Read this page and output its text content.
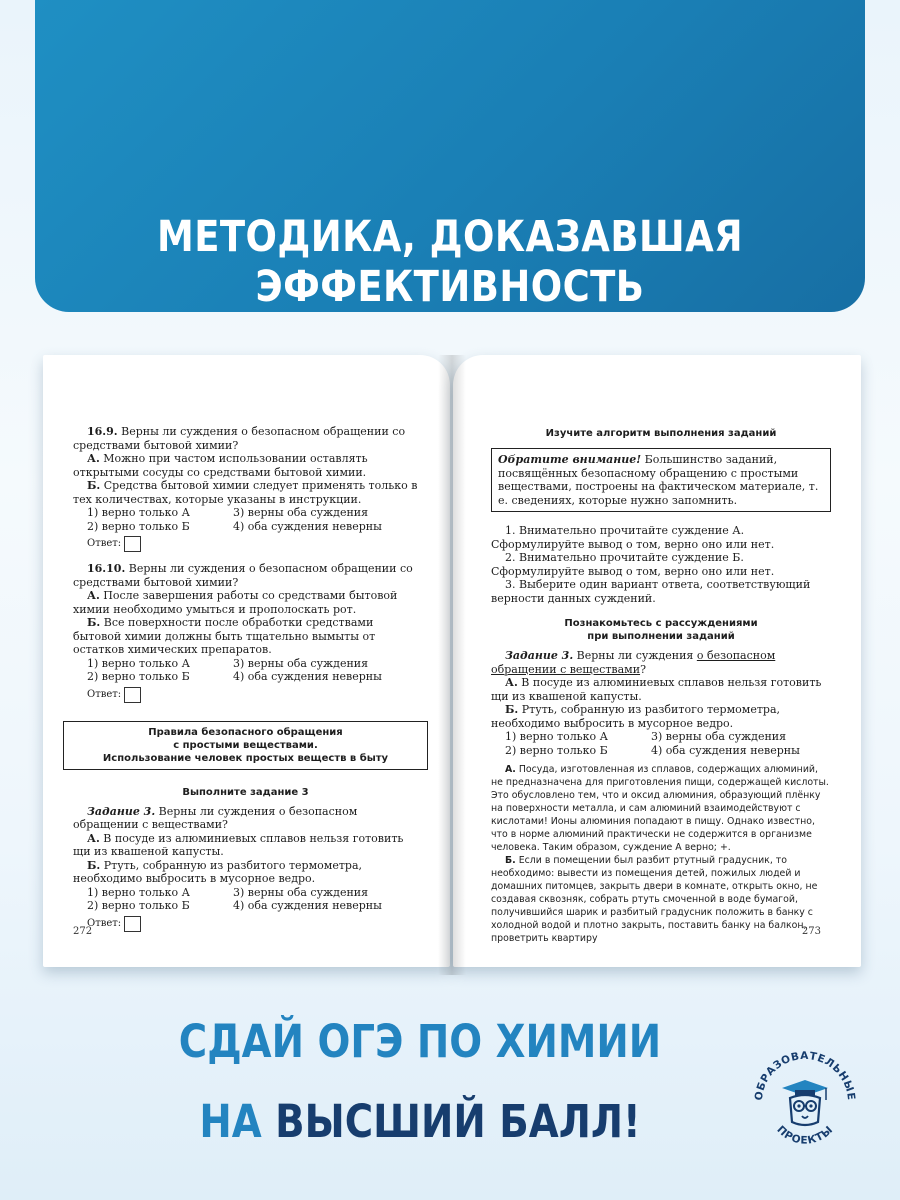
МЕТОДИКА, ДОКАЗАВШАЯ ЭФФЕКТИВНОСТЬ

16.9. Верны ли суждения о безопасном обращении со средствами бытовой химии?

А. Можно при частом использовании оставлять открытыми сосуды со средствами бытовой химии.

Б. Средства бытовой химии следует применять только в тех количествах, которые указаны в инструкции.

1) верно только А	3) верны оба суждения
2) верно только Б	4) оба суждения неверны
Ответ:

16.10. Верны ли суждения о безопасном обращении со средствами бытовой химии?

А. После завершения работы со средствами бытовой химии необходимо умыться и прополоскать рот.

Б. Все поверхности после обработки средствами бытовой химии должны быть тщательно вымыты от остатков химических препаратов.

1) верно только А	3) верны оба суждения
2) верно только Б	4) оба суждения неверны
Ответ:
Правила безопасного обращения
с простыми веществами.
Использование человек простых веществ в быту
Выполните задание 3

Задание 3. Верны ли суждения о безопасном обращении с веществами?

А. В посуде из алюминиевых сплавов нельзя готовить щи из квашеной капусты.

Б. Ртуть, собранную из разбитого термометра, необходимо выбросить в мусорное ведро.

1) верно только А	3) верны оба суждения
2) верно только Б	4) оба суждения неверны
Ответ:
272
Изучите алгоритм выполнения заданий

Обратите внимание! Большинство заданий, посвящённых безопасному обращению с простыми веществами, построены на фактическом материале, т. е. сведениях, которые нужно запомнить.

1. Внимательно прочитайте суждение А. Сформулируйте вывод о том, верно оно или нет.

2. Внимательно прочитайте суждение Б. Сформулируйте вывод о том, верно оно или нет.

3. Выберите один вариант ответа, соответствующий верности данных суждений.

Познакомьтесь с рассуждениями
при выполнении заданий

Задание 3. Верны ли суждения о безопасном обращении с веществами?

А. В посуде из алюминиевых сплавов нельзя готовить щи из квашеной капусты.

Б. Ртуть, собранную из разбитого термометра, необходимо выбросить в мусорное ведро.

1) верно только А	3) верны оба суждения
2) верно только Б	4) оба суждения неверны

А. Посуда, изготовленная из сплавов, содержащих алюминий, не предназначена для приготовления пищи, содержащей кислоты. Это обусловлено тем, что и оксид алюминия, образующий плёнку на поверхности металла, и сам алюминий взаимодействуют с кислотами! Ионы алюминия попадают в пищу. Однако известно, что в норме алюминий практически не содержится в организме человека. Таким образом, суждение А верно; +.

Б. Если в помещении был разбит ртутный градусник, то необходимо: вывести из помещения детей, пожилых людей и домашних питомцев, закрыть двери в комнате, открыть окно, не создавая сквозняк, собрать ртуть смоченной в воде бумагой, получившийся шарик и разбитый градусник положить в банку с холодной водой и плотно закрыть, поставить банку на балкон, проветрить квартиру

273
СДАЙ ОГЭ ПО ХИМИИ
НА ВЫСШИЙ БАЛЛ!	ОБРАЗОВАТЕЛЬНЫЕ
ПРОЕКТЫ
